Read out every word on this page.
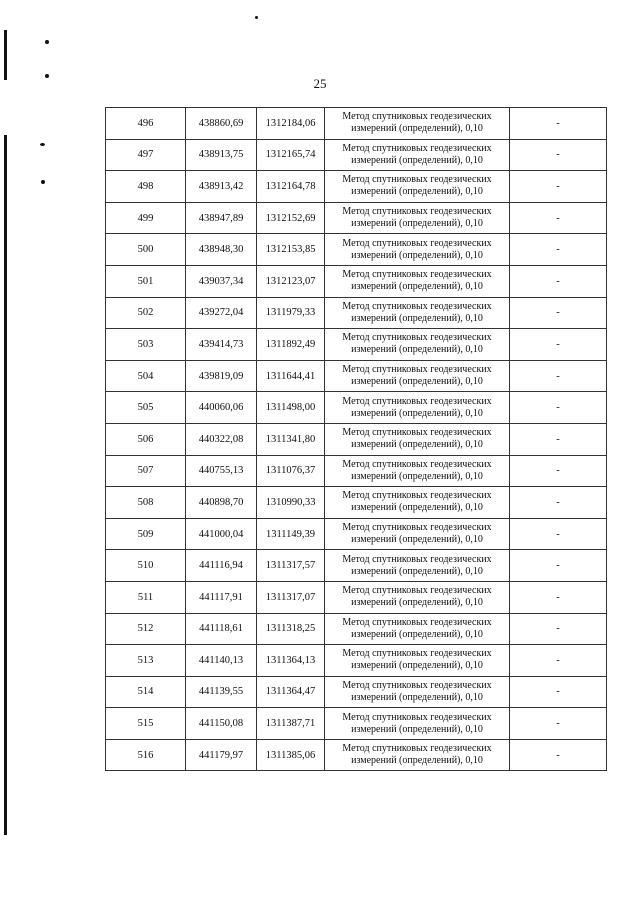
25
496	438860,69	1312184,06	Метод спутниковых геодезических
измерений (определений), 0,10	-
497	438913,75	1312165,74	Метод спутниковых геодезических
измерений (определений), 0,10	-
498	438913,42	1312164,78	Метод спутниковых геодезических
измерений (определений), 0,10	-
499	438947,89	1312152,69	Метод спутниковых геодезических
измерений (определений), 0,10	-
500	438948,30	1312153,85	Метод спутниковых геодезических
измерений (определений), 0,10	-
501	439037,34	1312123,07	Метод спутниковых геодезических
измерений (определений), 0,10	-
502	439272,04	1311979,33	Метод спутниковых геодезических
измерений (определений), 0,10	-
503	439414,73	1311892,49	Метод спутниковых геодезических
измерений (определений), 0,10	-
504	439819,09	1311644,41	Метод спутниковых геодезических
измерений (определений), 0,10	-
505	440060,06	1311498,00	Метод спутниковых геодезических
измерений (определений), 0,10	-
506	440322,08	1311341,80	Метод спутниковых геодезических
измерений (определений), 0,10	-
507	440755,13	1311076,37	Метод спутниковых геодезических
измерений (определений), 0,10	-
508	440898,70	1310990,33	Метод спутниковых геодезических
измерений (определений), 0,10	-
509	441000,04	1311149,39	Метод спутниковых геодезических
измерений (определений), 0,10	-
510	441116,94	1311317,57	Метод спутниковых геодезических
измерений (определений), 0,10	-
511	441117,91	1311317,07	Метод спутниковых геодезических
измерений (определений), 0,10	-
512	441118,61	1311318,25	Метод спутниковых геодезических
измерений (определений), 0,10	-
513	441140,13	1311364,13	Метод спутниковых геодезических
измерений (определений), 0,10	-
514	441139,55	1311364,47	Метод спутниковых геодезических
измерений (определений), 0,10	-
515	441150,08	1311387,71	Метод спутниковых геодезических
измерений (определений), 0,10	-
516	441179,97	1311385,06	Метод спутниковых геодезических
измерений (определений), 0,10	-
